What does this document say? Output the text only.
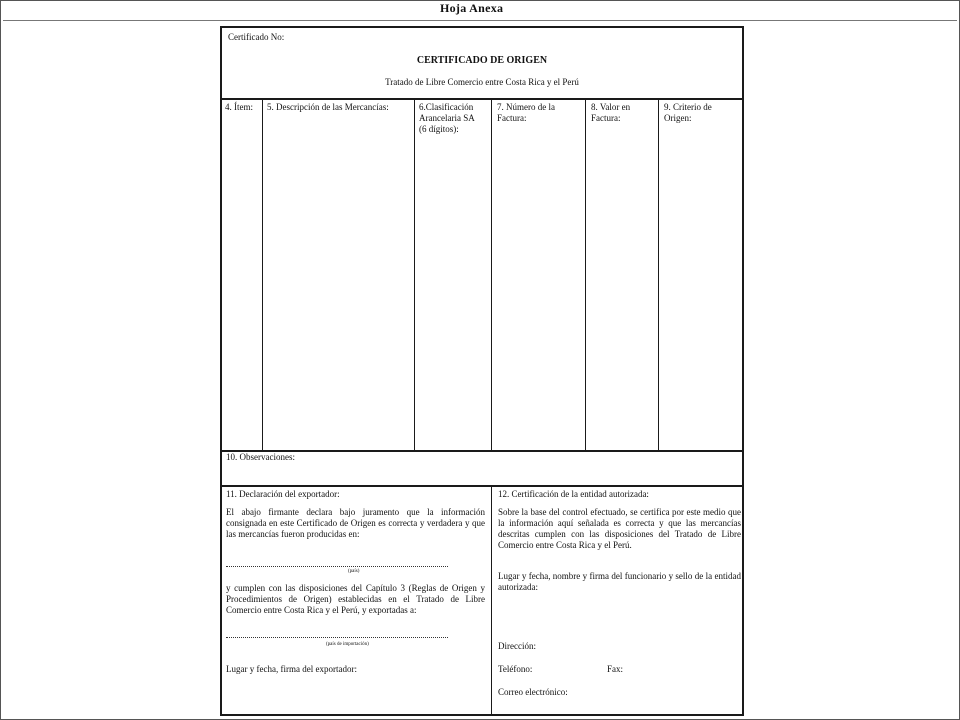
Hoja Anexa
Certificado No:
CERTIFICADO DE ORIGEN
Tratado de Libre Comercio entre Costa Rica y el Perú
4. Ítem: 5. Descripción de las Mercancías:	6.Clasificación
Arancelaria SA
(6 dígitos):
7. Número de la
Factura:
8. Valor en
Factura:
9. Criterio de
Origen:
10. Observaciones:
11. Declaración del exportador:
El abajo firmante declara bajo juramento que la información consignada en este Certificado de Origen es correcta y verdadera y que las mercancías fueron producidas en:
(país)
y cumplen con las disposiciones del Capítulo 3 (Reglas de Origen y Procedimientos de Origen) establecidas en el Tratado de Libre Comercio entre Costa Rica y el Perú, y exportadas a:
(país de importación)
Lugar y fecha, firma del exportador:
12. Certificación de la entidad autorizada:
Sobre la base del control efectuado, se certifica por este medio que la información aquí señalada es correcta y que las mercancías descritas cumplen con las disposiciones del Tratado de Libre Comercio entre Costa Rica y el Perú.
Lugar y fecha, nombre y firma del funcionario y sello de la entidad autorizada:
Dirección:
Teléfono:	Fax:
Correo electrónico:
